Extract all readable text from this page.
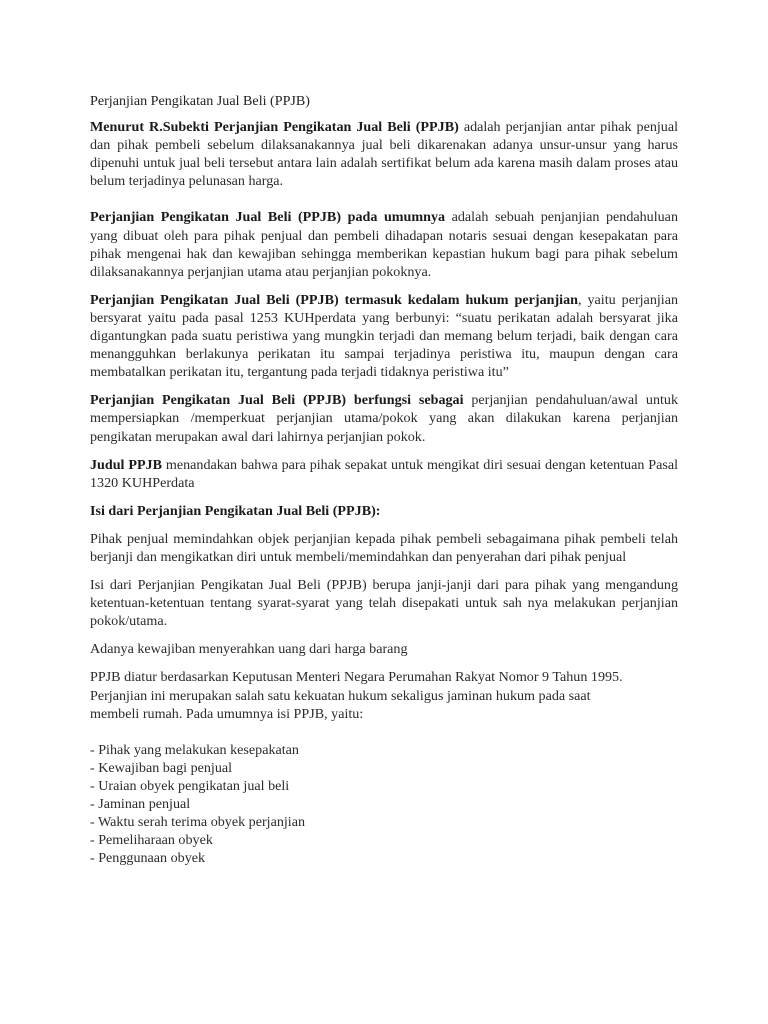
Perjanjian Pengikatan Jual Beli (PPJB)

Menurut R.Subekti Perjanjian Pengikatan Jual Beli (PPJB) adalah perjanjian antar pihak penjual dan pihak pembeli sebelum dilaksanakannya jual beli dikarenakan adanya unsur-unsur yang harus dipenuhi untuk jual beli tersebut antara lain adalah sertifikat belum ada karena masih dalam proses atau belum terjadinya pelunasan harga.

Perjanjian Pengikatan Jual Beli (PPJB) pada umumnya adalah sebuah penjanjian pendahuluan yang dibuat oleh para pihak penjual dan pembeli dihadapan notaris sesuai dengan kesepakatan para pihak mengenai hak dan kewajiban sehingga memberikan kepastian hukum bagi para pihak sebelum dilaksanakannya perjanjian utama atau perjanjian pokoknya.

Perjanjian Pengikatan Jual Beli (PPJB) termasuk kedalam hukum perjanjian, yaitu perjanjian bersyarat yaitu pada pasal 1253 KUHperdata yang berbunyi: “suatu perikatan adalah bersyarat jika digantungkan pada suatu peristiwa yang mungkin terjadi dan memang belum terjadi, baik dengan cara menangguhkan berlakunya perikatan itu sampai terjadinya peristiwa itu, maupun dengan cara membatalkan perikatan itu, tergantung pada terjadi tidaknya peristiwa itu”

Perjanjian Pengikatan Jual Beli (PPJB) berfungsi sebagai perjanjian pendahuluan/awal untuk mempersiapkan /memperkuat perjanjian utama/pokok yang akan dilakukan karena perjanjian pengikatan merupakan awal dari lahirnya perjanjian pokok.

Judul PPJB menandakan bahwa para pihak sepakat untuk mengikat diri sesuai dengan ketentuan Pasal 1320 KUHPerdata

Isi dari Perjanjian Pengikatan Jual Beli (PPJB):

Pihak penjual memindahkan objek perjanjian kepada pihak pembeli sebagaimana pihak pembeli telah berjanji dan mengikatkan diri untuk membeli/memindahkan dan penyerahan dari pihak penjual

Isi dari Perjanjian Pengikatan Jual Beli (PPJB) berupa janji-janji dari para pihak yang mengandung ketentuan-ketentuan tentang syarat-syarat yang telah disepakati untuk sah nya melakukan perjanjian pokok/utama.

Adanya kewajiban menyerahkan uang dari harga barang

PPJB diatur berdasarkan Keputusan Menteri Negara Perumahan Rakyat Nomor 9 Tahun 1995.
Perjanjian ini merupakan salah satu kekuatan hukum sekaligus jaminan hukum pada saat
membeli rumah. Pada umumnya isi PPJB, yaitu:
- Pihak yang melakukan kesepakatan
- Kewajiban bagi penjual
- Uraian obyek pengikatan jual beli
- Jaminan penjual
- Waktu serah terima obyek perjanjian
- Pemeliharaan obyek
- Penggunaan obyek
